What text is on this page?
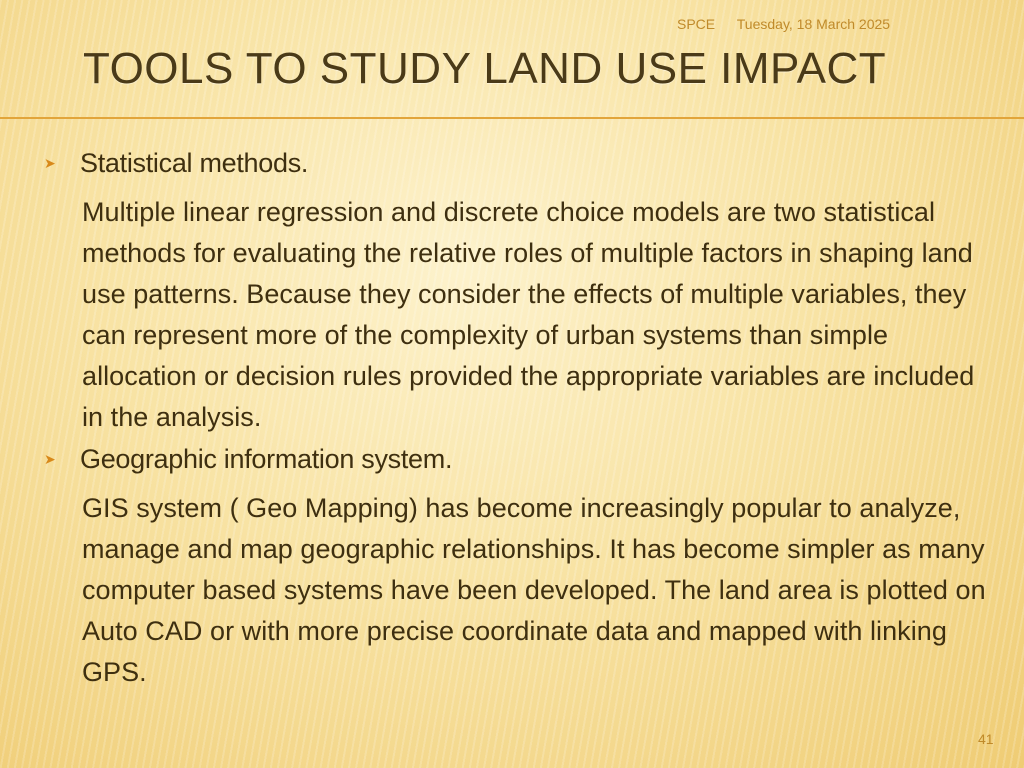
SPCE Tuesday, 18 March 2025
TOOLS TO STUDY LAND USE IMPACT
➤ Statistical methods.
Multiple linear regression and discrete choice models are two statistical methods for evaluating the relative roles of multiple factors in shaping land use patterns. Because they consider the effects of multiple variables, they can represent more of the complexity of urban systems than simple allocation or decision rules provided the appropriate variables are included in the analysis.
➤ Geographic information system.
GIS system ( Geo Mapping) has become increasingly popular to analyze, manage and map geographic relationships. It has become simpler as many computer based systems have been developed. The land area is plotted on Auto CAD or with more precise coordinate data and mapped with linking GPS.
41
